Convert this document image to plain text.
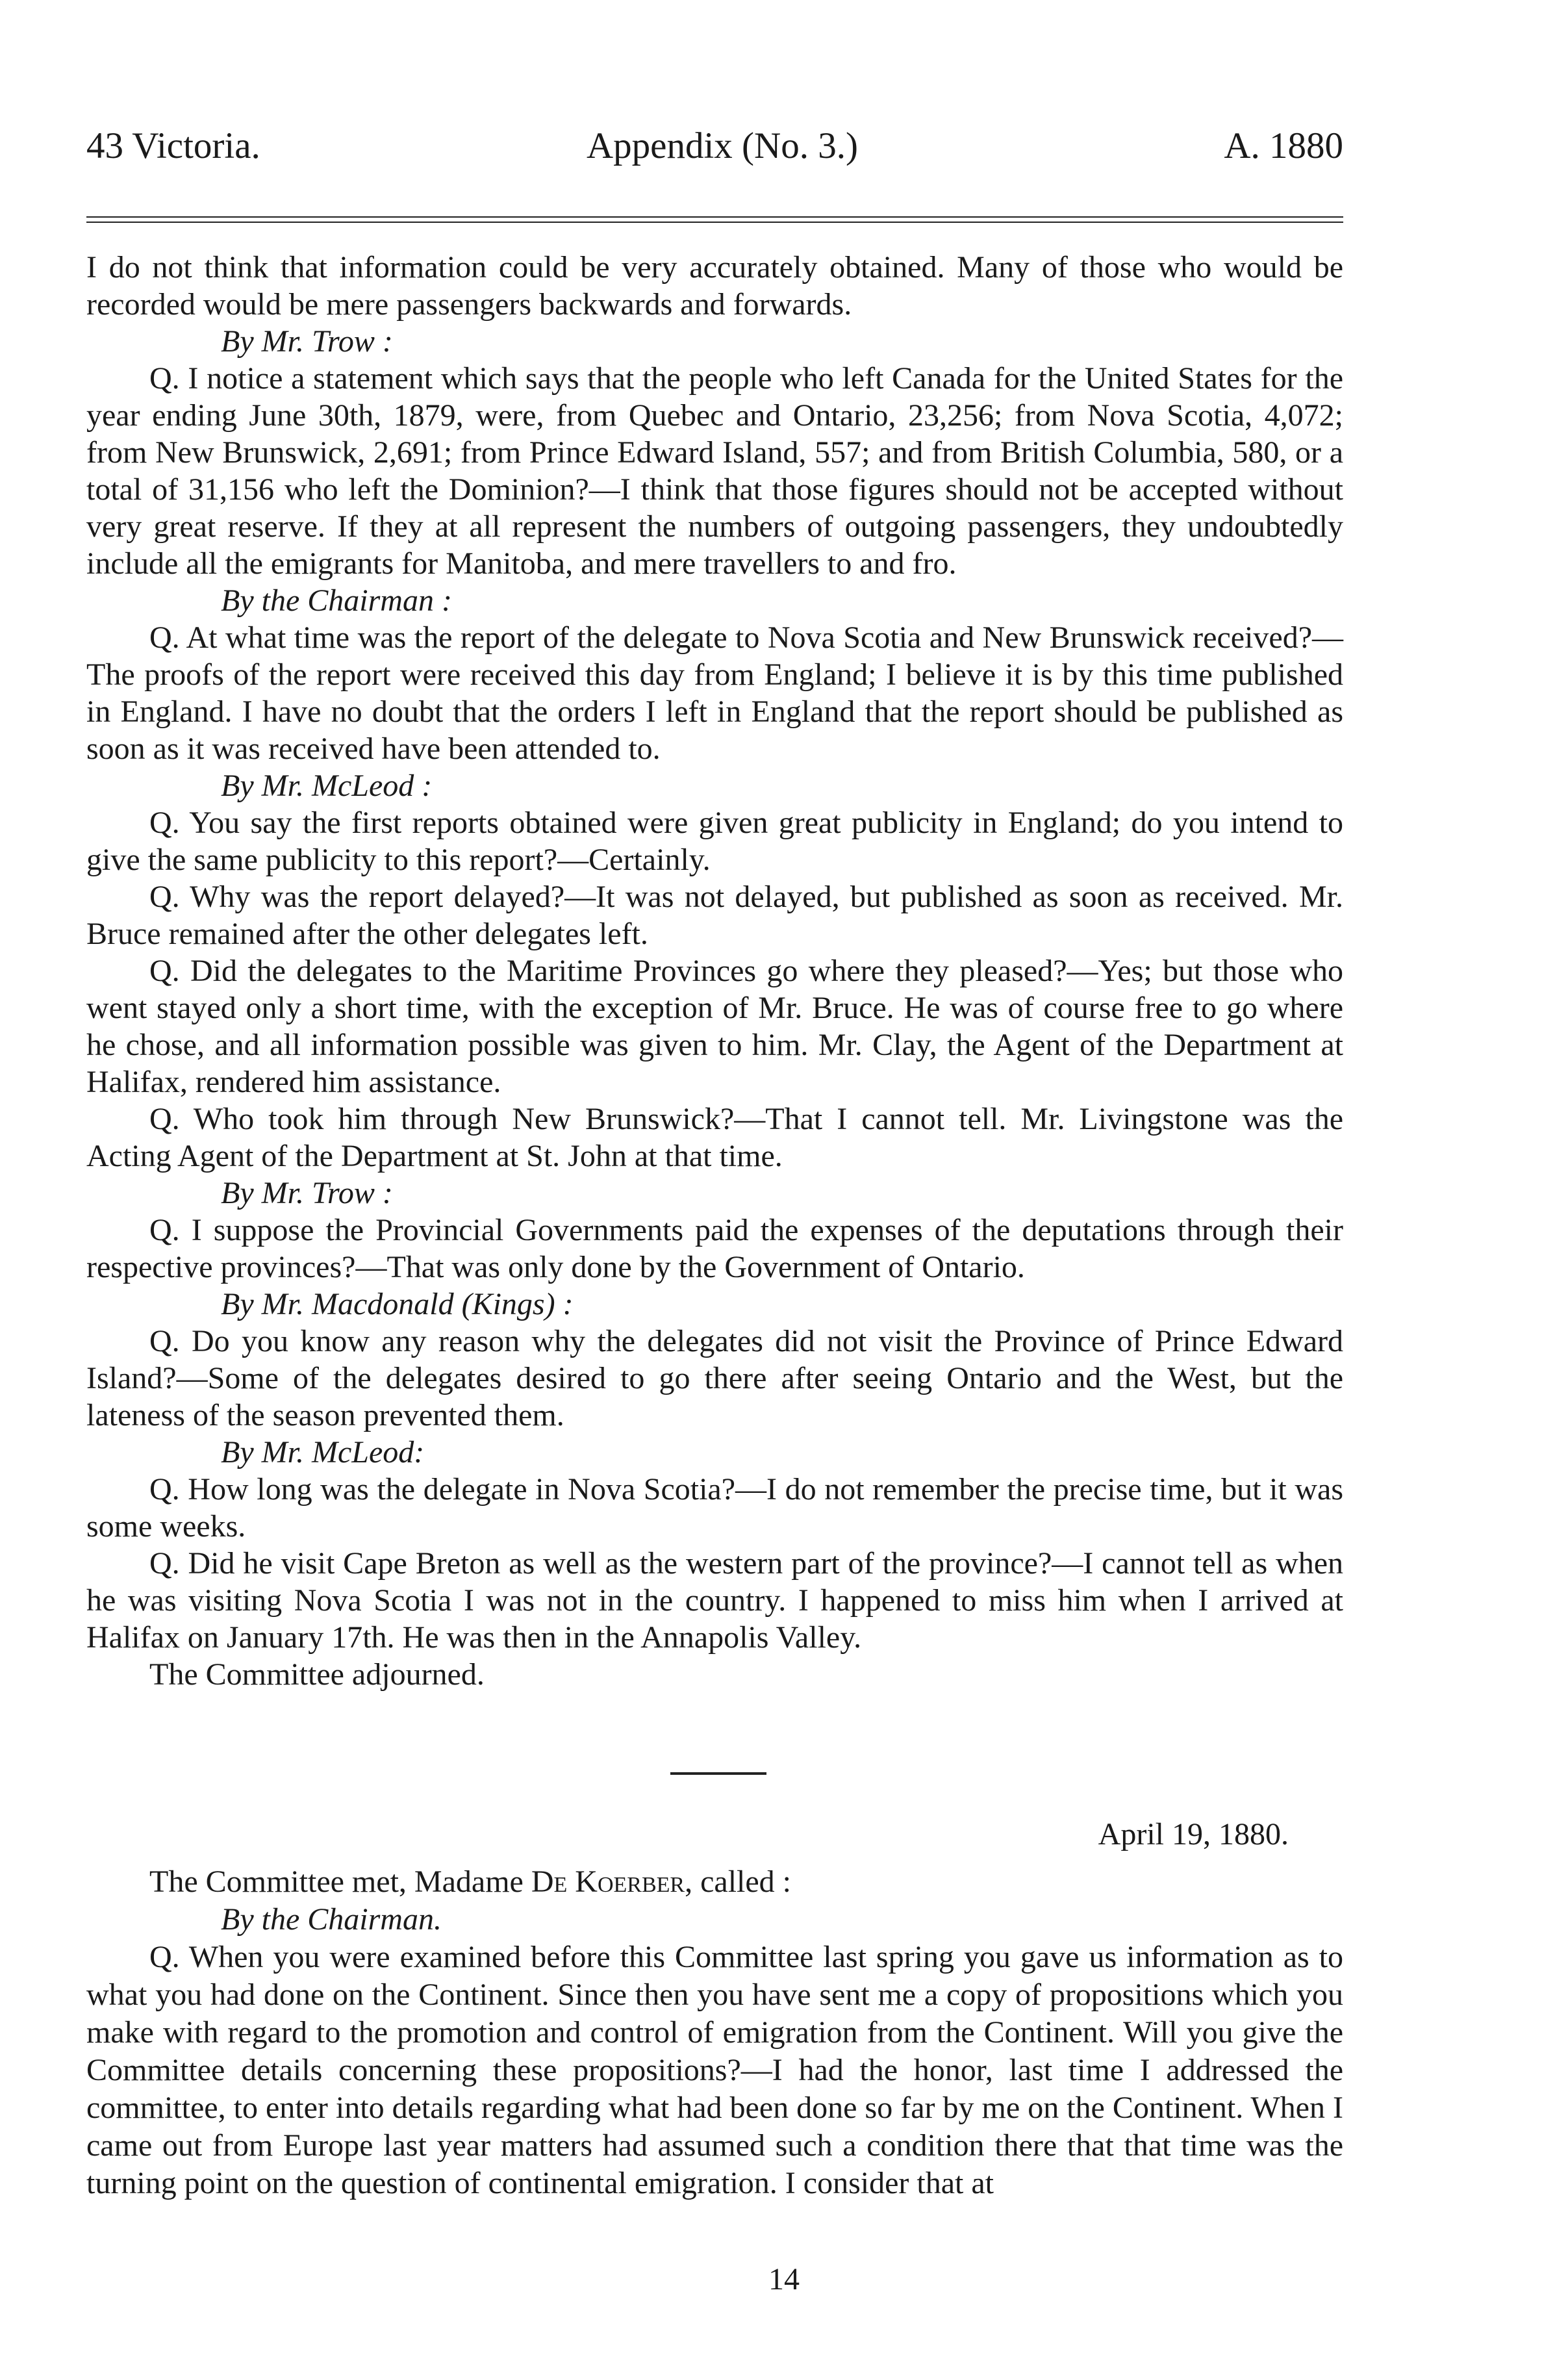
43 Victoria.	Appendix (No. 3.)	A. 1880

I do not think that information could be very accurately obtained. Many of those who would be recorded would be mere passengers backwards and forwards.

By Mr. Trow :

Q. I notice a statement which says that the people who left Canada for the United States for the year ending June 30th, 1879, were, from Quebec and Ontario, 23,256; from Nova Scotia, 4,072; from New Brunswick, 2,691; from Prince Edward Island, 557; and from British Columbia, 580, or a total of 31,156 who left the Dominion?—I think that those figures should not be accepted without very great reserve. If they at all represent the numbers of outgoing passengers, they undoubtedly include all the emigrants for Manitoba, and mere travellers to and fro.

By the Chairman :

Q. At what time was the report of the delegate to Nova Scotia and New Brunswick received?—The proofs of the report were received this day from England; I believe it is by this time published in England. I have no doubt that the orders I left in England that the report should be published as soon as it was received have been attended to.

By Mr. McLeod :

Q. You say the first reports obtained were given great publicity in England; do you intend to give the same publicity to this report?—Certainly.

Q. Why was the report delayed?—It was not delayed, but published as soon as received. Mr. Bruce remained after the other delegates left.

Q. Did the delegates to the Maritime Provinces go where they pleased?—Yes; but those who went stayed only a short time, with the exception of Mr. Bruce. He was of course free to go where he chose, and all information possible was given to him. Mr. Clay, the Agent of the Department at Halifax, rendered him assistance.

Q. Who took him through New Brunswick?—That I cannot tell. Mr. Livingstone was the Acting Agent of the Department at St. John at that time.

By Mr. Trow :

Q. I suppose the Provincial Governments paid the expenses of the deputations through their respective provinces?—That was only done by the Government of Ontario.

By Mr. Macdonald (Kings) :

Q. Do you know any reason why the delegates did not visit the Province of Prince Edward Island?—Some of the delegates desired to go there after seeing Ontario and the West, but the lateness of the season prevented them.

By Mr. McLeod:

Q. How long was the delegate in Nova Scotia?—I do not remember the precise time, but it was some weeks.

Q. Did he visit Cape Breton as well as the western part of the province?—I cannot tell as when he was visiting Nova Scotia I was not in the country. I happened to miss him when I arrived at Halifax on January 17th. He was then in the Annapolis Valley.

The Committee adjourned.

April 19, 1880.

The Committee met, Madame De Koerber, called :

By the Chairman.

Q. When you were examined before this Committee last spring you gave us information as to what you had done on the Continent. Since then you have sent me a copy of propositions which you make with regard to the promotion and control of emigration from the Continent. Will you give the Committee details concerning these propositions?—I had the honor, last time I addressed the committee, to enter into details regarding what had been done so far by me on the Continent. When I came out from Europe last year matters had assumed such a condition there that that time was the turning point on the question of continental emigration. I consider that at

14
